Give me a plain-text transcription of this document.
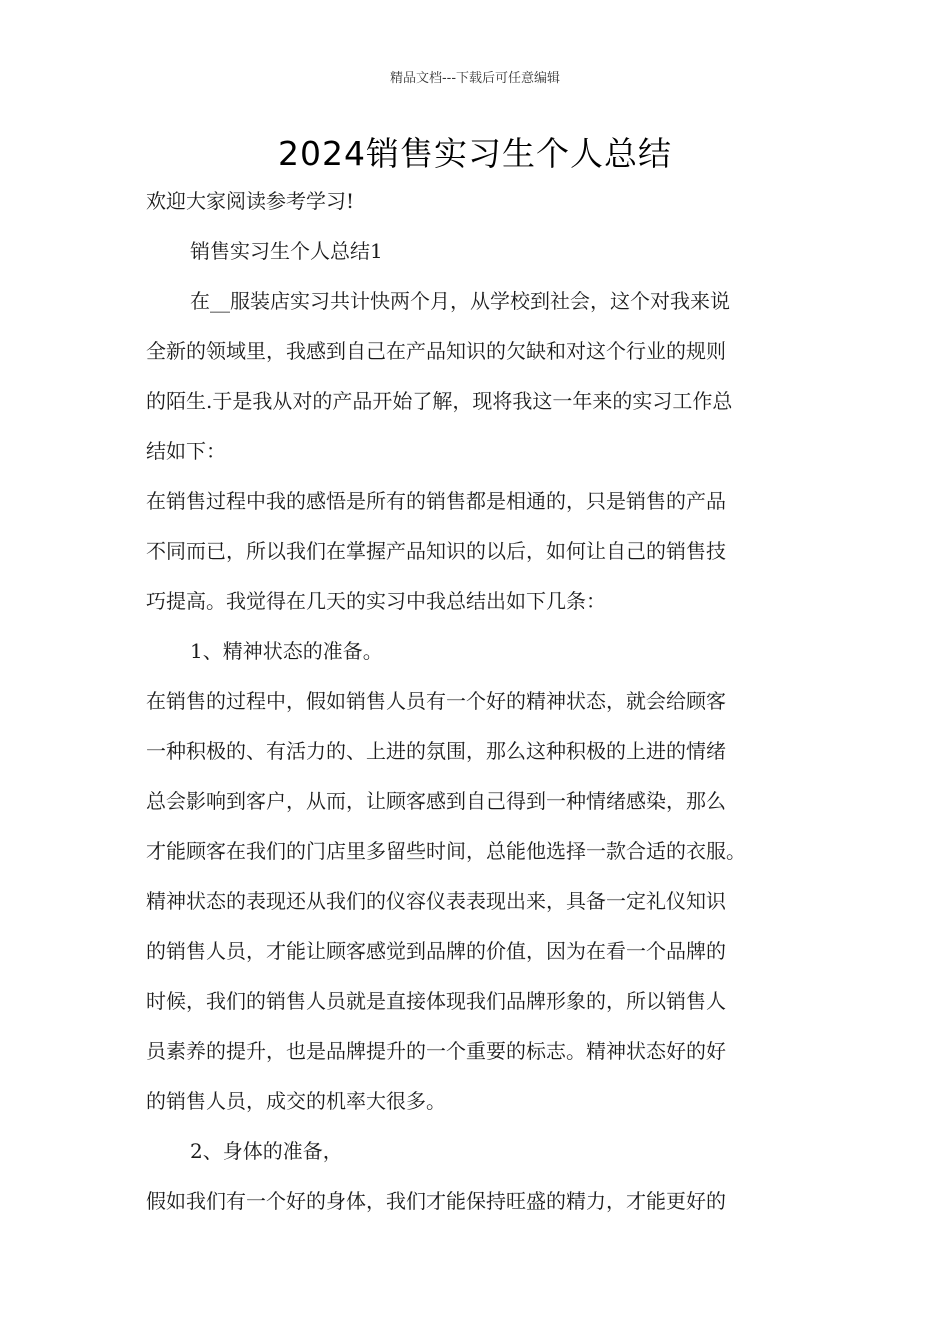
精品文档---下载后可任意编辑
2024销售实习生个人总结
欢迎大家阅读参考学习!
销售实习生个人总结1
在__服装店实习共计快两个月，从学校到社会，这个对我来说
全新的领域里，我感到自己在产品知识的欠缺和对这个行业的规则
的陌生.于是我从对的产品开始了解，现将我这一年来的实习工作总
结如下：
在销售过程中我的感悟是所有的销售都是相通的，只是销售的产品
不同而已，所以我们在掌握产品知识的以后，如何让自己的销售技
巧提高。我觉得在几天的实习中我总结出如下几条：
1、精神状态的准备。
在销售的过程中，假如销售人员有一个好的精神状态，就会给顾客
一种积极的、有活力的、上进的氛围，那么这种积极的上进的情绪
总会影响到客户，从而，让顾客感到自己得到一种情绪感染，那么
才能顾客在我们的门店里多留些时间，总能他选择一款合适的衣服。
精神状态的表现还从我们的仪容仪表表现出来，具备一定礼仪知识
的销售人员，才能让顾客感觉到品牌的价值，因为在看一个品牌的
时候，我们的销售人员就是直接体现我们品牌形象的，所以销售人
员素养的提升，也是品牌提升的一个重要的标志。精神状态好的好
的销售人员，成交的机率大很多。
2、身体的准备，
假如我们有一个好的身体，我们才能保持旺盛的精力，才能更好的
